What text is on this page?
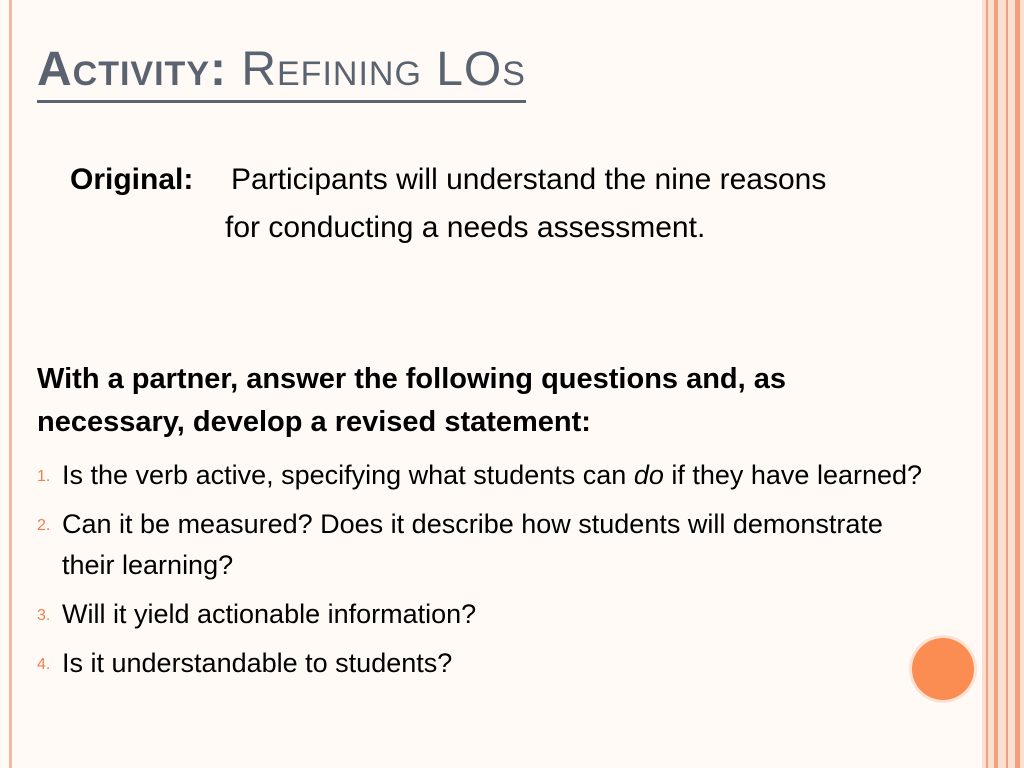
Activity: Refining LOs
Original: Participants will understand the nine reasons for conducting a needs assessment.
With a partner, answer the following questions and, as necessary, develop a revised statement:
1. Is the verb active, specifying what students can do if they have learned?
2. Can it be measured? Does it describe how students will demonstrate their learning?
3. Will it yield actionable information?
4. Is it understandable to students?
